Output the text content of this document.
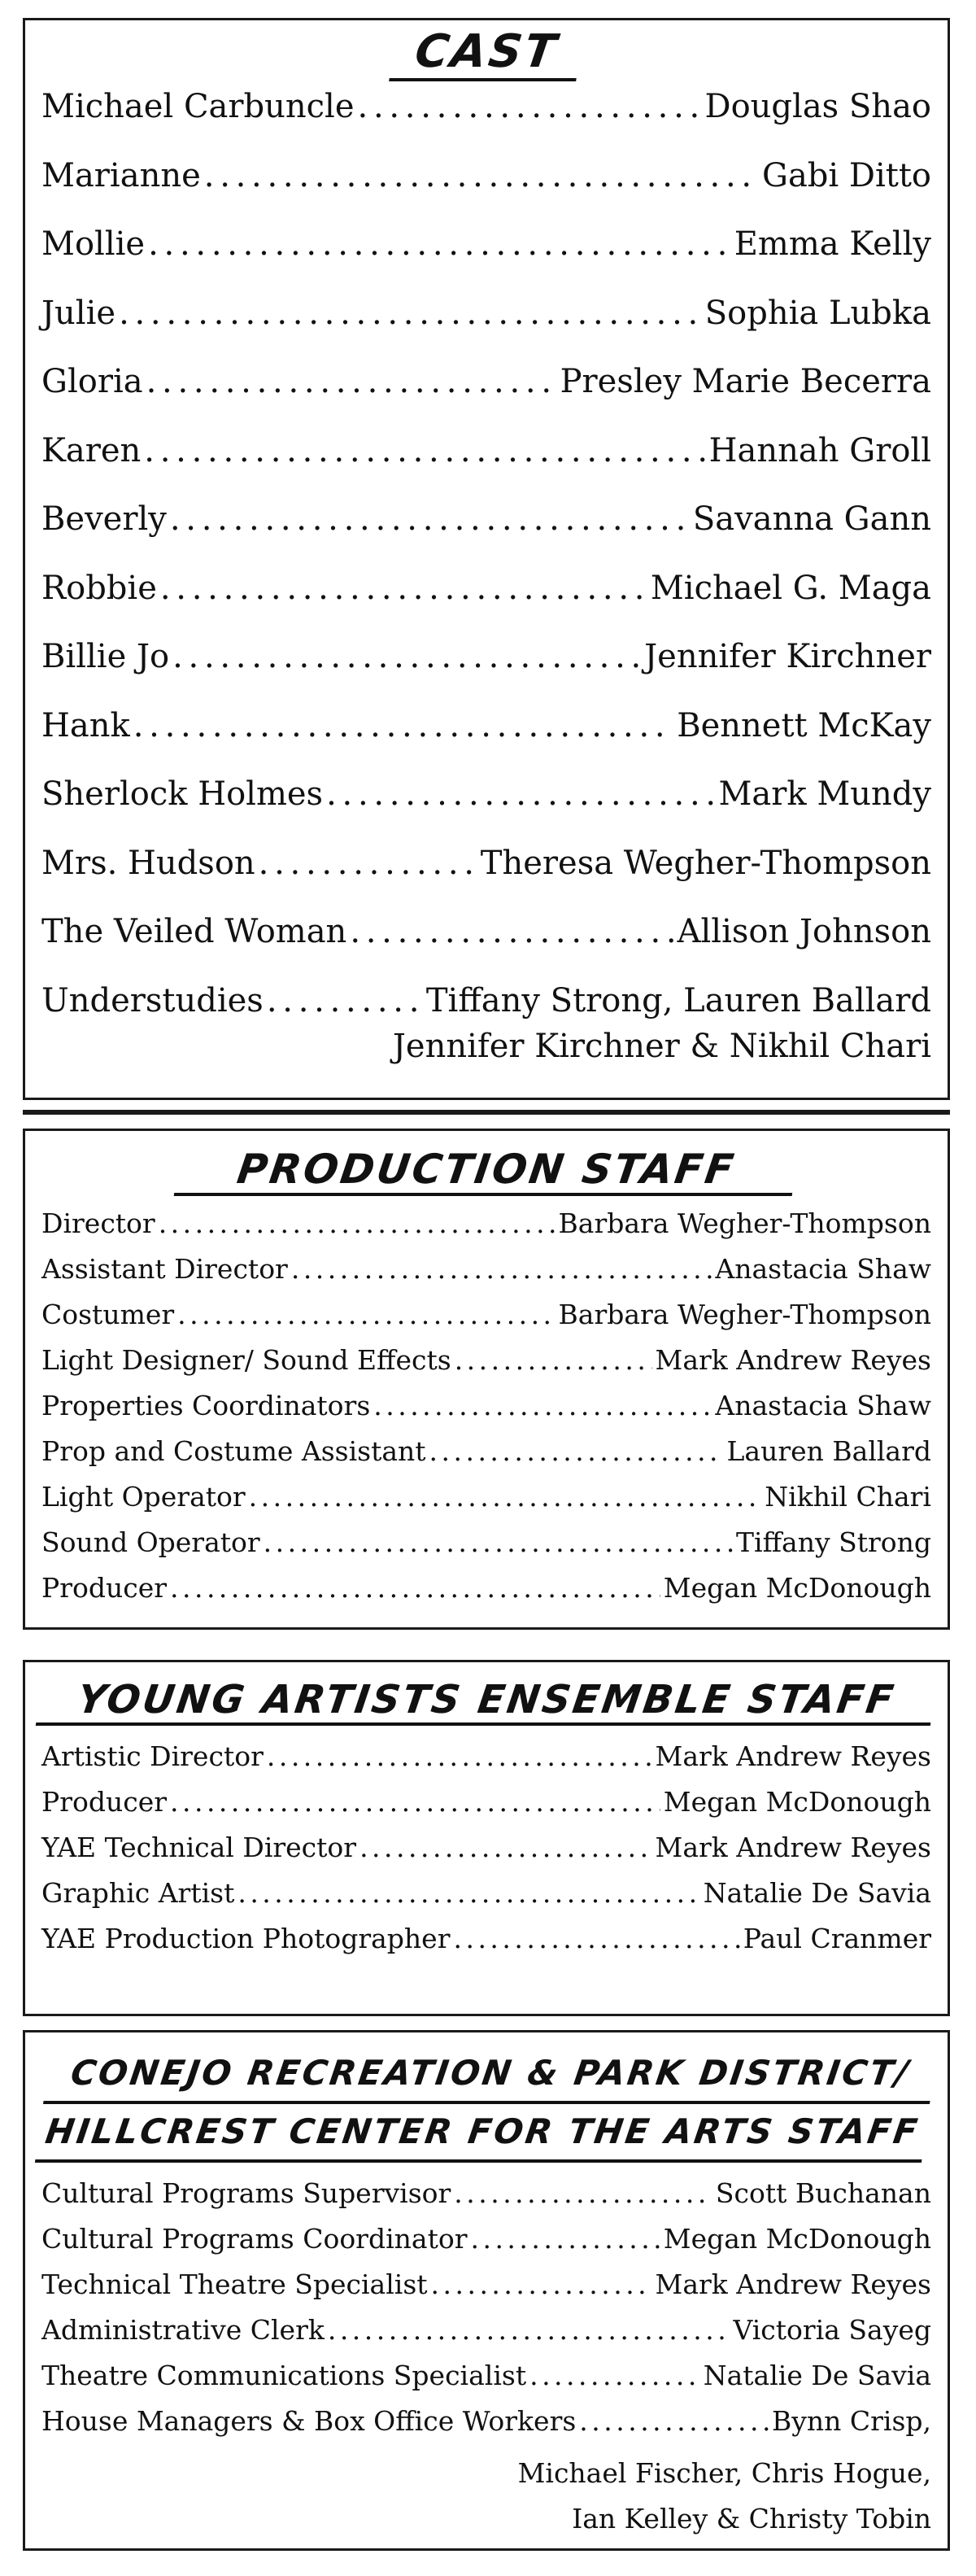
CAST
Michael Carbuncle . . .	Douglas Shao
Marianne . . .	Gabi Ditto
Mollie . . .	Emma Kelly
Julie . . .	Sophia Lubka
Gloria . . .	Presley Marie Becerra
Karen . . .	Hannah Groll
Beverly . . .	Savanna Gann
Robbie . . .	Michael G. Maga
Billie Jo . . .	Jennifer Kirchner
Hank . . .	Bennett McKay
Sherlock Holmes . . .	Mark Mundy
Mrs. Hudson . . .	Theresa Wegher-Thompson
The Veiled Woman . . .	Allison Johnson
Understudies . . .	Tiffany Strong, Lauren Ballard
Jennifer Kirchner & Nikhil Chari
PRODUCTION STAFF
Director . . .	Barbara Wegher-Thompson
Assistant Director . . .	Anastacia Shaw
Costumer . . .	Barbara Wegher-Thompson
Light Designer/ Sound Effects . . .	Mark Andrew Reyes
Properties Coordinators . . .	Anastacia Shaw
Prop and Costume Assistant . . .	Lauren Ballard
Light Operator . . .	Nikhil Chari
Sound Operator . . .	Tiffany Strong
Producer . . .	Megan McDonough
YOUNG ARTISTS ENSEMBLE STAFF
Artistic Director . . .	Mark Andrew Reyes
Producer . . .	Megan McDonough
YAE Technical Director . . .	Mark Andrew Reyes
Graphic Artist . . .	Natalie De Savia
YAE Production Photographer . . .	Paul Cranmer
CONEJO RECREATION & PARK DISTRICT/
HILLCREST CENTER FOR THE ARTS STAFF
Cultural Programs Supervisor . . .	Scott Buchanan
Cultural Programs Coordinator . . .	Megan McDonough
Technical Theatre Specialist . . .	Mark Andrew Reyes
Administrative Clerk . . .	Victoria Sayeg
Theatre Communications Specialist . . .	Natalie De Savia
House Managers & Box Office Workers . . .	Bynn Crisp,
Michael Fischer, Chris Hogue,
Ian Kelley & Christy Tobin
